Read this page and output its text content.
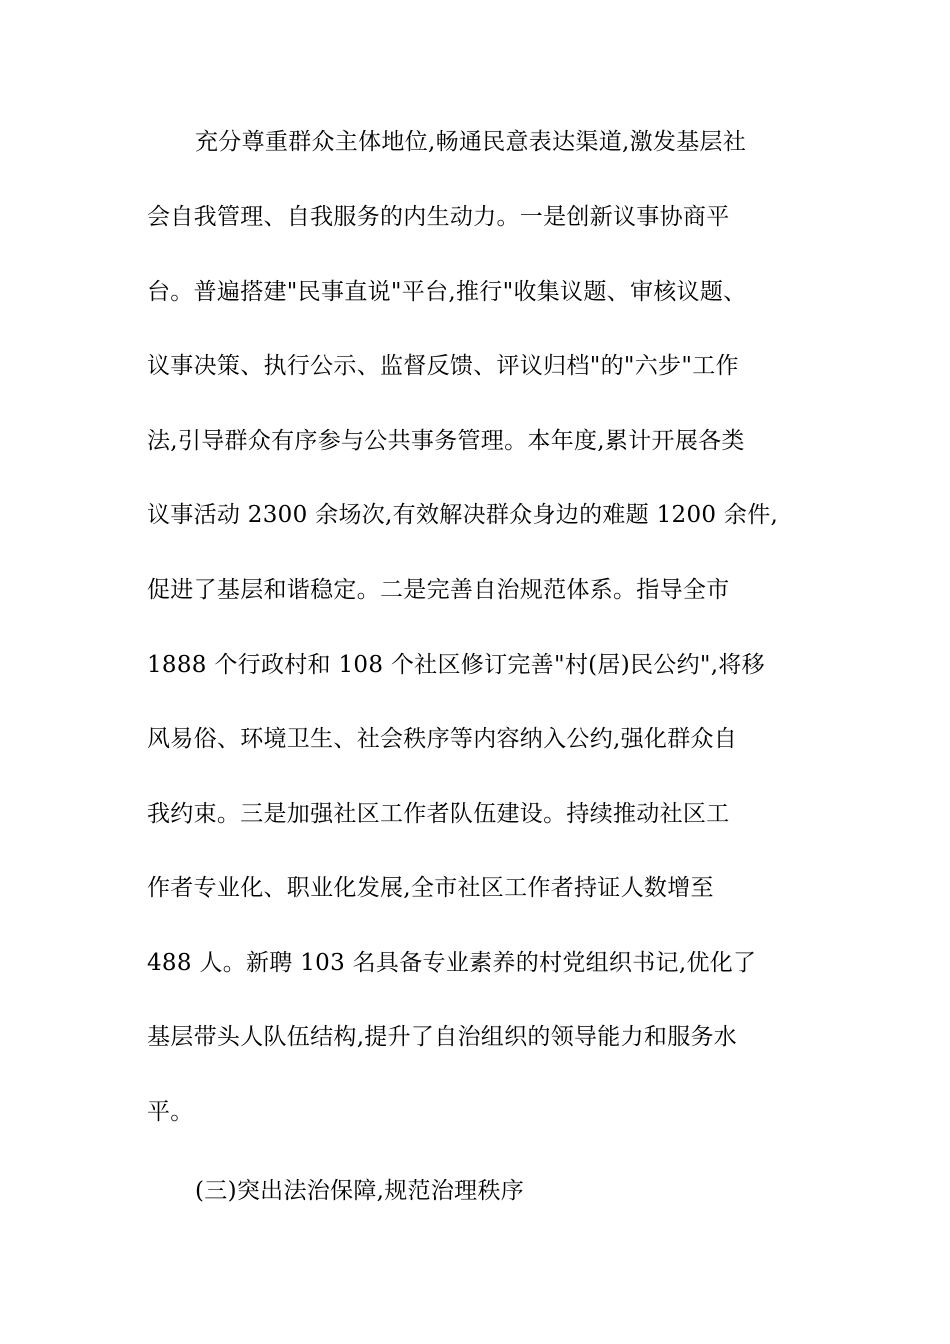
充分尊重群众主体地位,畅通民意表达渠道,激发基层社
会自我管理、自我服务的内生动力。一是创新议事协商平
台。普遍搭建"民事直说"平台,推行"收集议题、审核议题、
议事决策、执行公示、监督反馈、评议归档"的"六步"工作
法,引导群众有序参与公共事务管理。本年度,累计开展各类
议事活动 2300 余场次,有效解决群众身边的难题 1200 余件,
促进了基层和谐稳定。二是完善自治规范体系。指导全市
1888 个行政村和 108 个社区修订完善"村(居)民公约",将移
风易俗、环境卫生、社会秩序等内容纳入公约,强化群众自
我约束。三是加强社区工作者队伍建设。持续推动社区工
作者专业化、职业化发展,全市社区工作者持证人数增至
488 人。新聘 103 名具备专业素养的村党组织书记,优化了
基层带头人队伍结构,提升了自治组织的领导能力和服务水
平。
(三)突出法治保障,规范治理秩序
